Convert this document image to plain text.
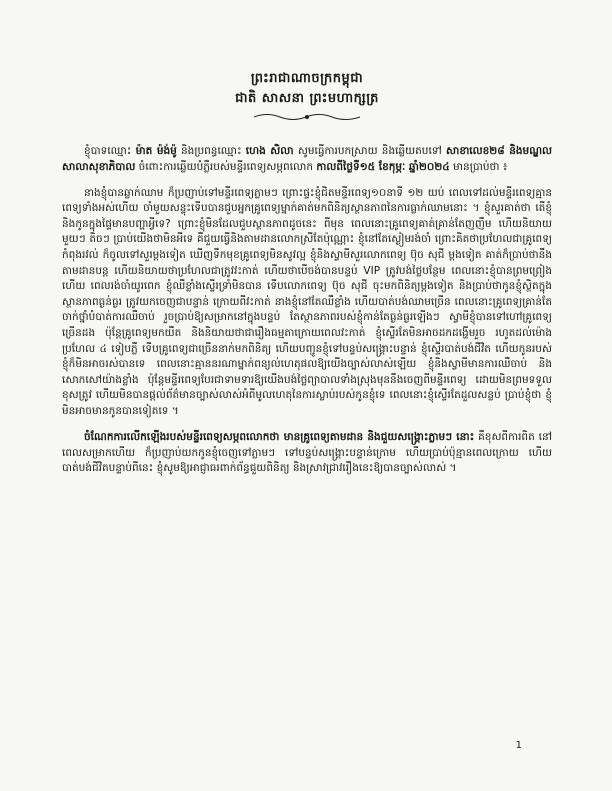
ព្រះរាជាណាចក្រកម្ពុជា

ជាតិ សាសនា ព្រះមហាក្សត្រ

ខ្ញុំបាទឈ្មោះ ម៉ាត ម៉ង់ម៉ូ និងប្រពន្ធឈ្មោះ ហេង សិលា សូមធ្វើការបកស្រាយ និងឆ្លើយតបទៅ សាខាលេខ២៨ និងមណ្ឌលសាលាសុខាភិបាល ចំពោះការឆ្លើយបំភ្លឺរបស់មន្ទីរពេទ្យសម្ភពលោក កាលពីថ្ងៃទី១៥ ខែកុម្ភៈ ឆ្នាំ២០២៤ មានប្រាប់ថា ៖

នាងខ្ញុំបានឆ្លាក់ឈាម ក៏ប្រញាប់ទៅមន្ទីរពេទ្យភ្លាមៗ ព្រោះផ្ទះខ្ញុំជិតមន្ទីរពេទ្យ១០នាទី ១២ យប់ ពេលទៅដល់មន្ទីរពេទ្យគ្មានពេទ្យទាំងអស់ហើយ ចាំមួយសន្ទុះទើបបានជួបអ្នកគ្រូពេទ្យម្នាក់គាត់មកពិនិត្យស្ថានភាពនៃការធ្លាក់ឈាមនោះ ។ ខ្ញុំសួរគាត់ថា តើខ្ញុំនិងកូនក្នុងផ្ទៃមានបញ្ហាអ្វីទេ? ព្រោះខ្ញុំមិនដែលជួបស្ថានភាពដូចនេះ ពីមុន ពេលនោះគ្រូពេទ្យគាត់គ្រាន់តែញញឹម ហើយនិយាយមួយៗ តិចៗ ប្រាប់យើងថាមិនអីទេ គឺជួយធ្វើនិងតាមដានលោកស្រីតែប៉ុណ្ណោះ ខ្ញុំនៅតែស្ងៀមរង់ចាំ ព្រោះគិតថាប្រហែលជាគ្រូពេទ្យកំពុងរវល់ ក៏ចូលទៅសួរម្ដងទៀត ឃើញទឹកមុខគ្រូពេទ្យមិនសូវល្អ ខ្ញុំនិងស្វាមីសួរលោកពេទ្យ ប៊ុច សុជី ម្តងទៀត គាត់ក៏ប្រាប់ថានឹងតាមដានបន្ត ហើយនិយាយថាប្រហែលជាត្រូវវះកាត់ ហើយថាបើចង់បានបន្ទប់ VIP ត្រូវបង់ថ្លៃបន្ថែម ពេលនោះខ្ញុំបានព្រមព្រៀងហើយ ពេលរង់ចាំយូរពេក ខ្ញុំឈឺខ្លាំងស្ទើរទ្រាំមិនបាន ទើបលោកពេទ្យ ប៊ុច សុជី ចុះមកពិនិត្យម្តងទៀត និងប្រាប់ថាកូនខ្ញុំស្ថិតក្នុងស្ថានភាពធ្ងន់ធ្ងរ ត្រូវយកចេញជាបន្ទាន់ ក្រោយពីវះកាត់ នាងខ្ញុំនៅតែឈឺខ្លាំង ហើយបាត់បង់ឈាមច្រើន ពេលនោះគ្រូពេទ្យគ្រាន់តែចាក់ថ្នាំបំបាត់ការឈឺចាប់ រួចប្រាប់ឱ្យសម្រាកនៅក្នុងបន្ទប់ តែស្ថានភាពរបស់ខ្ញុំកាន់តែធ្ងន់ធ្ងរឡើងៗ ស្វាមីខ្ញុំបានទៅហៅគ្រូពេទ្យច្រើនដង ប៉ុន្តែគ្រូពេទ្យមកយឺត និងនិយាយថាជារឿងធម្មតាក្រោយពេលវះកាត់ ខ្ញុំស្ទើរតែមិនអាចដកដង្ហើមរួច រហូតដល់ម៉ោងប្រហែល ៤ ទៀបភ្លឺ ទើបគ្រូពេទ្យជាច្រើននាក់មកពិនិត្យ ហើយបញ្ជូនខ្ញុំទៅបន្ទប់សង្គ្រោះបន្ទាន់ ខ្ញុំស្ទើរបាត់បង់ជីវិត ហើយកូនរបស់ខ្ញុំក៏មិនអាចរស់បានទេ ពេលនោះគ្មាននរណាម្នាក់ពន្យល់ហេតុផលឱ្យយើងច្បាស់លាស់ឡើយ ខ្ញុំនិងស្វាមីមានការឈឺចាប់ និងសោកសៅយ៉ាងខ្លាំង ប៉ុន្តែមន្ទីរពេទ្យបែរជាទាមទារឱ្យយើងបង់ថ្លៃព្យាបាលទាំងស្រុងមុននឹងចេញពីមន្ទីរពេទ្យ ដោយមិនព្រមទទួលខុសត្រូវ ហើយមិនបានផ្តល់ព័ត៌មានច្បាស់លាស់អំពីមូលហេតុនៃការស្លាប់របស់កូនខ្ញុំទេ ពេលនោះខ្ញុំស្ទើរតែដួលសន្លប់ ប្រាប់ខ្ញុំថា ខ្ញុំមិនអាចមានកូនបានទៀតទេ ។

ចំណែកការលើកឡើងរបស់មន្ទីរពេទ្យសម្ភពលោកថា មានគ្រូពេទ្យតាមដាន និងជួយសង្គ្រោះភ្លាមៗ នោះ គឺខុសពីការពិត នៅពេលសម្រាកហើយ ក៏ប្រញាប់យកកូនខ្ញុំចេញទៅភ្លាមៗ ទៅបន្ទប់សង្គ្រោះបន្ទាន់ក្រោម ហើយប្រាប់ប៉ុន្មានពេលក្រោយ ហើយបាត់បង់ជីវិតបន្ទាប់ពីនេះ ខ្ញុំសូមឱ្យអាជ្ញាធរពាក់ព័ន្ធជួយពិនិត្យ និងស្រាវជ្រាវរឿងនេះឱ្យបានច្បាស់លាស់ ។

1
